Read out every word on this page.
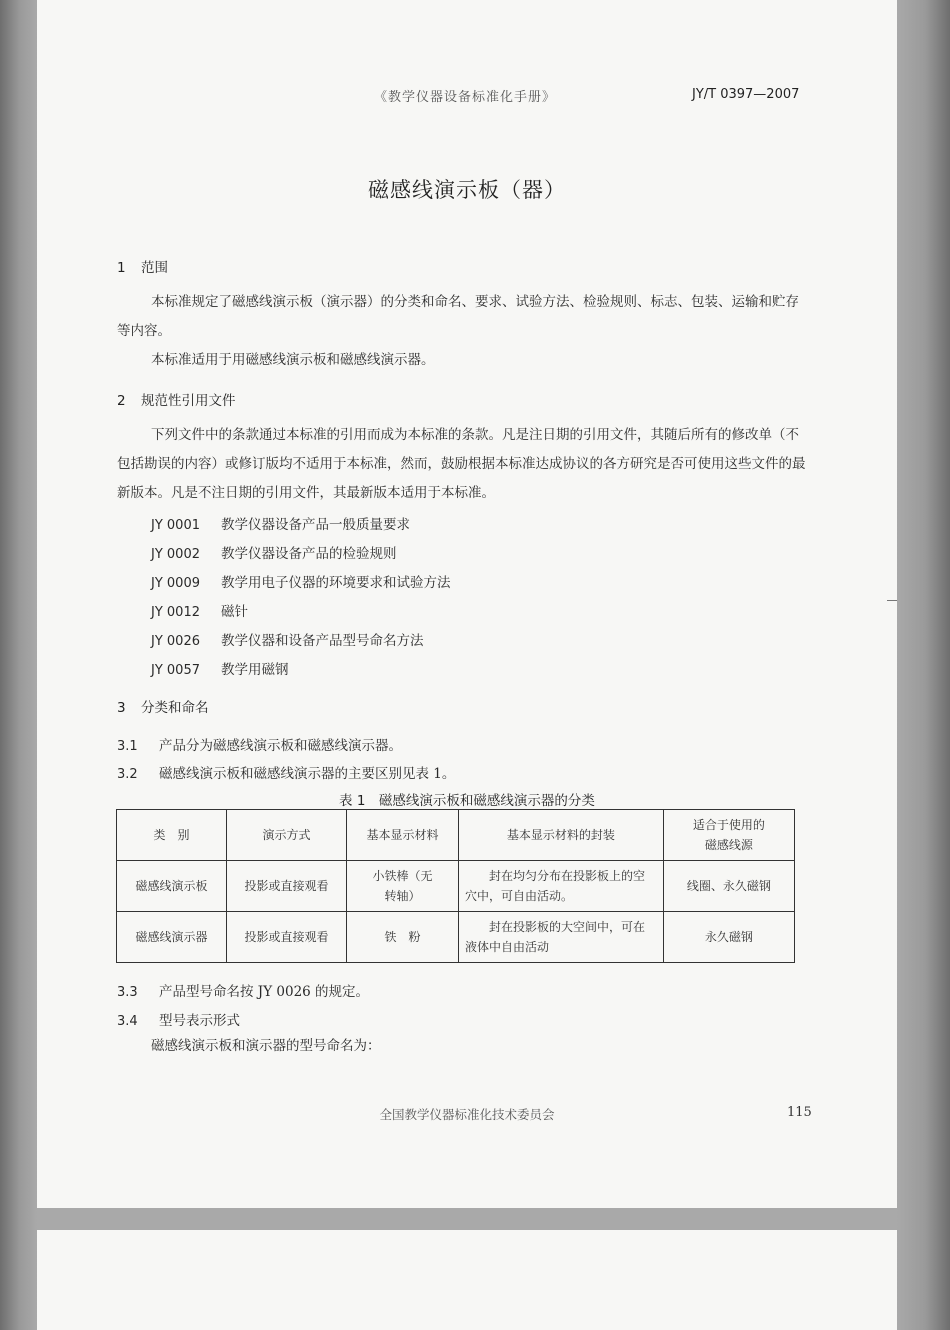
《教学仪器设备标准化手册》	JY/T 0397—2007
磁感线演示板（器）
1 范围
本标准规定了磁感线演示板（演示器）的分类和命名、要求、试验方法、检验规则、标志、包装、运输和贮存等内容。
本标准适用于用磁感线演示板和磁感线演示器。
2 规范性引用文件
下列文件中的条款通过本标准的引用而成为本标准的条款。凡是注日期的引用文件，其随后所有的修改单（不包括勘误的内容）或修订版均不适用于本标准，然而，鼓励根据本标准达成协议的各方研究是否可使用这些文件的最新版本。凡是不注日期的引用文件，其最新版本适用于本标准。
JY 0001 教学仪器设备产品一般质量要求
JY 0002 教学仪器设备产品的检验规则
JY 0009 教学用电子仪器的环境要求和试验方法
JY 0012 磁针
JY 0026 教学仪器和设备产品型号命名方法
JY 0057 教学用磁钢
3 分类和命名
3.1 产品分为磁感线演示板和磁感线演示器。
3.2 磁感线演示板和磁感线演示器的主要区别见表 1。
表 1　磁感线演示板和磁感线演示器的分类
类　别	演示方式	基本显示材料	基本显示材料的封装	适合于使用的磁感线源

磁感线演示板	投影或直接观看	小铁棒（无转轴）	封在均匀分布在投影板上的空穴中，可自由活动。	线圈、永久磁钢
磁感线演示器	投影或直接观看	铁　粉	封在投影板的大空间中，可在液体中自由活动	永久磁钢
3.3 产品型号命名按 JY 0026 的规定。
3.4 型号表示形式
磁感线演示板和演示器的型号命名为：
全国教学仪器标准化技术委员会	115
